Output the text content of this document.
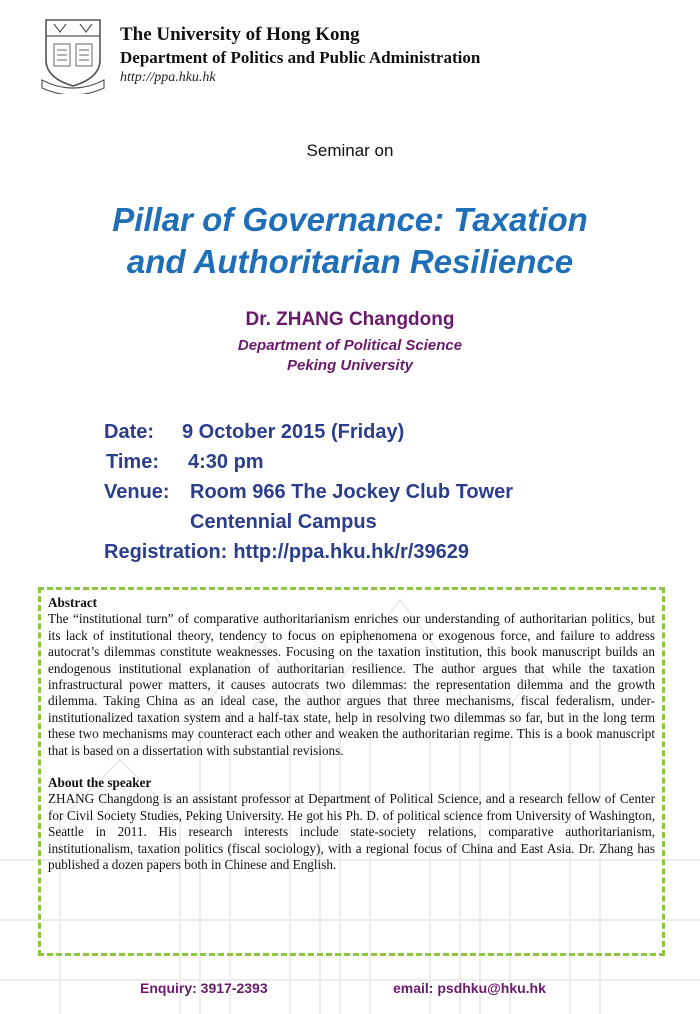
The University of Hong Kong
Department of Politics and Public Administration
http://ppa.hku.hk
Seminar on
Pillar of Governance: Taxation
and Authoritarian Resilience
Dr. ZHANG Changdong
Department of Political Science
Peking University
Date: 9 October 2015 (Friday)
Time: 4:30 pm
Venue: Room 966 The Jockey Club Tower
Centennial Campus
Registration: http://ppa.hku.hk/r/39629
Abstract

The “institutional turn” of comparative authoritarianism enriches our understanding of authoritarian politics, but its lack of institutional theory, tendency to focus on epiphenomena or exogenous force, and failure to address autocrat’s dilemmas constitute weaknesses. Focusing on the taxation institution, this book manuscript builds an endogenous institutional explanation of authoritarian resilience. The author argues that while the taxation infrastructural power matters, it causes autocrats two dilemmas: the representation dilemma and the growth dilemma. Taking China as an ideal case, the author argues that three mechanisms, fiscal federalism, under-institutionalized taxation system and a half-tax state, help in resolving two dilemmas so far, but in the long term these two mechanisms may counteract each other and weaken the authoritarian regime. This is a book manuscript that is based on a dissertation with substantial revisions.

About the speaker

ZHANG Changdong is an assistant professor at Department of Political Science, and a research fellow of Center for Civil Society Studies, Peking University. He got his Ph. D. of political science from University of Washington, Seattle in 2011. His research interests include state-society relations, comparative authoritarianism, institutionalism, taxation politics (fiscal sociology), with a regional focus of China and East Asia. Dr. Zhang has published a dozen papers both in Chinese and English.

Enquiry: 3917-2393	email: psdhku@hku.hk
